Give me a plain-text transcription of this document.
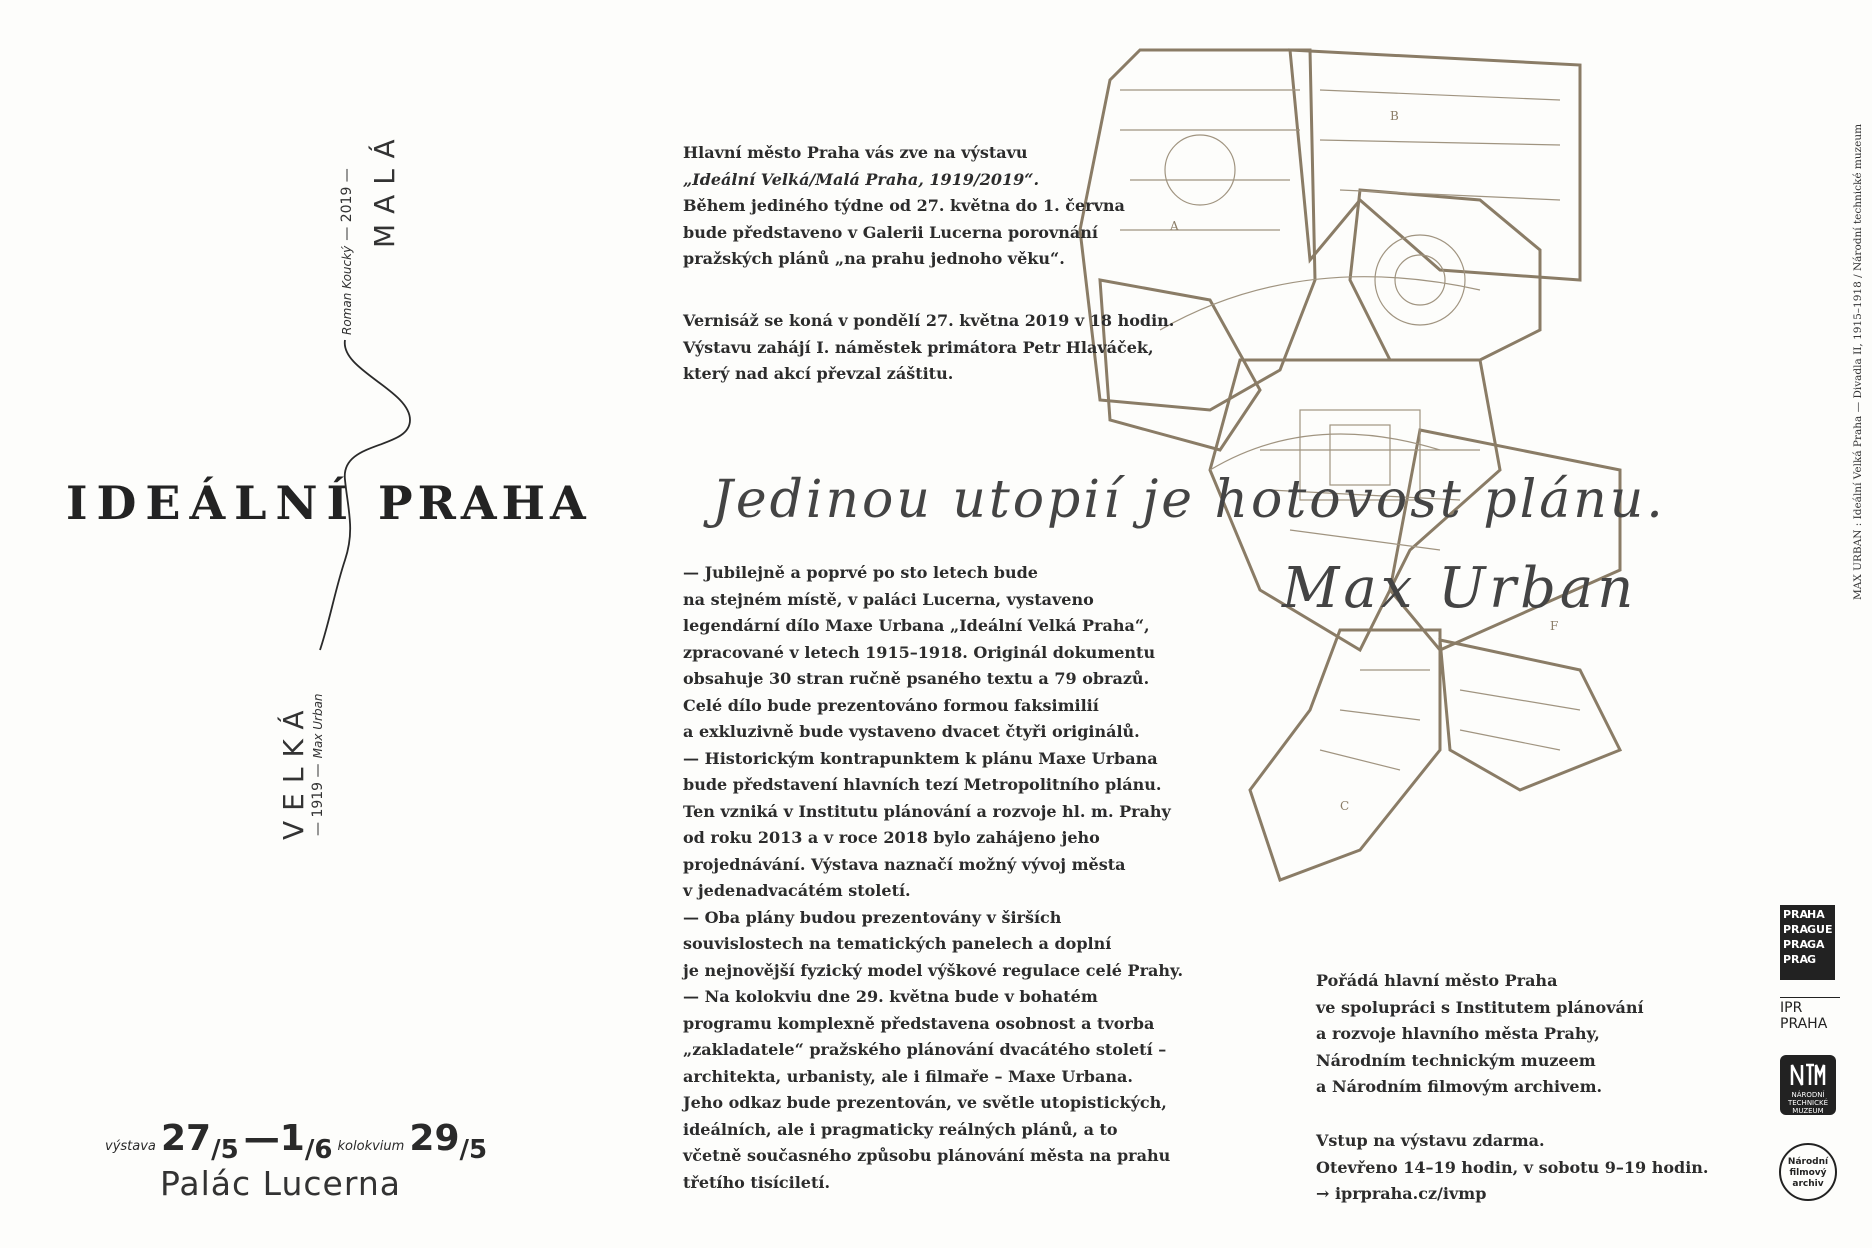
A
B
F
C
IDEÁLNÍ PRAHA
Roman Koucký — 2019 — MALÁ
VELKÁ — 1919 — Max Urban
výstava 27/5 —1/6 kolokvium 29/5
Palác Lucerna

Hlavní město Praha vás zve na výstavu

„Ideální Velká/Malá Praha, 1919/2019“.

Během jediného týdne od 27. května do 1. června

bude představeno v Galerii Lucerna porovnání

pražských plánů „na prahu jednoho věku“.

Vernisáž se koná v pondělí 27. května 2019 v 18 hodin.

Výstavu zahájí I. náměstek primátora Petr Hlaváček,

který nad akcí převzal záštitu.

Jedinou utopií je hotovost plánu.
Max Urban

— Jubilejně a poprvé po sto letech bude

na stejném místě, v paláci Lucerna, vystaveno

legendární dílo Maxe Urbana „Ideální Velká Praha“,

zpracované v letech 1915–1918. Originál dokumentu

obsahuje 30 stran ručně psaného textu a 79 obrazů.

Celé dílo bude prezentováno formou faksimilií

a exkluzivně bude vystaveno dvacet čtyři originálů.

— Historickým kontrapunktem k plánu Maxe Urbana

bude představení hlavních tezí Metropolitního plánu.

Ten vzniká v Institutu plánování a rozvoje hl. m. Prahy

od roku 2013 a v roce 2018 bylo zahájeno jeho

projednávání. Výstava naznačí možný vývoj města

v jedenadvacátém století.

— Oba plány budou prezentovány v širších

souvislostech na tematických panelech a doplní

je nejnovější fyzický model výškové regulace celé Prahy.

— Na kolokviu dne 29. května bude v bohatém

programu komplexně představena osobnost a tvorba

„zakladatele“ pražského plánování dvacátého století –

architekta, urbanisty, ale i filmaře – Maxe Urbana.

Jeho odkaz bude prezentován, ve světle utopistických,

ideálních, ale i pragmaticky reálných plánů, a to

včetně současného způsobu plánování města na prahu

třetího tisíciletí.

Pořádá hlavní město Praha

ve spolupráci s Institutem plánování

a rozvoje hlavního města Prahy,

Národním technickým muzeem

a Národním filmovým archivem.

Vstup na výstavu zdarma.

Otevřeno 14–19 hodin, v sobotu 9–19 hodin.

→ iprpraha.cz/ivmp

MAX URBAN : Ideální Velká Praha — Divadla II, 1915–1918 / Národní technické muzeum
PRA
HA
PRA
GUE
PRA
GA
PRA
G
IPR PRAHA
NÁRODNÍ TECHNICKÉ MUZEUM
Národní filmový archiv
